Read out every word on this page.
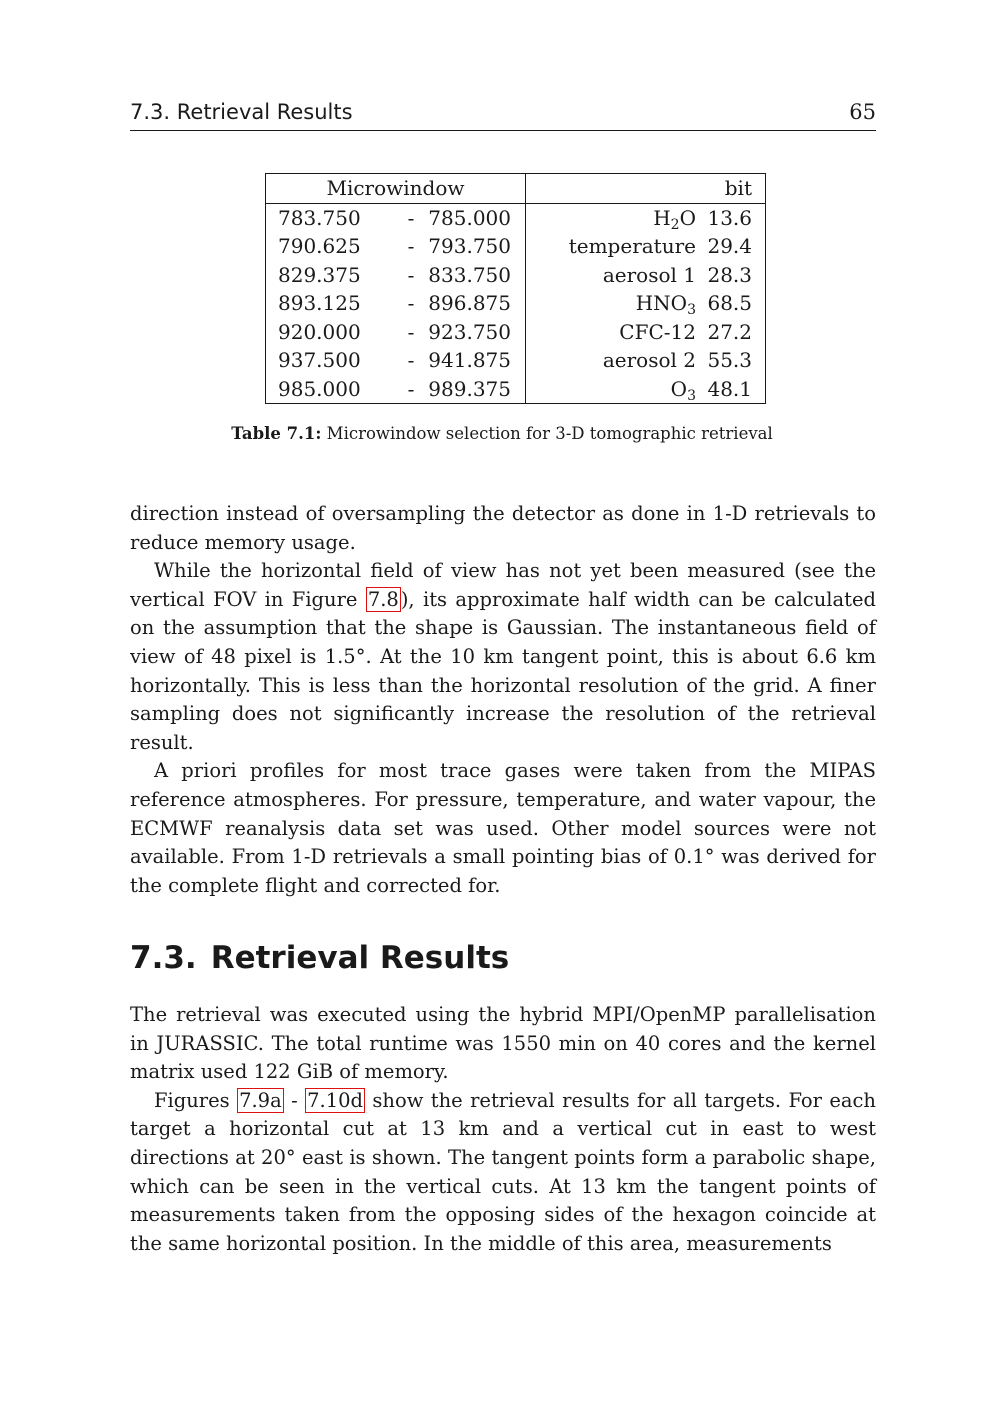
7.3. Retrieval Results	65
Microwindow				bit
783.750	-	785.000	$H_2O$	13.6
790.625	-	793.750	temperature	29.4
829.375	-	833.750	aerosol 1	28.3
893.125	-	896.875	$HNO_3$	68.5
920.000	-	923.750	CFC-12	27.2
937.500	-	941.875	aerosol 2	55.3
985.000	-	989.375	$O_3$	48.1
Table 7.1: Microwindow selection for 3-D tomographic retrieval

direction instead of oversampling the detector as done in 1-D retrievals to reduce memory usage.

While the horizontal field of view has not yet been measured (see the vertical FOV in Figure 7.8 ), its approximate half width can be calculated on the assumption that the shape is Gaussian. The instantaneous field of view of 48 pixel is 1.5°. At the 10 km tangent point, this is about 6.6 km horizontally. This is less than the horizontal resolution of the grid. A finer sampling does not significantly increase the resolution of the retrieval result.

A priori profiles for most trace gases were taken from the MIPAS reference atmospheres. For pressure, temperature, and water vapour, the ECMWF reanalysis data set was used. Other model sources were not available. From 1-D retrievals a small pointing bias of 0.1° was derived for the complete flight and corrected for.

7.3. Retrieval Results

The retrieval was executed using the hybrid MPI/OpenMP parallelisation in JURASSIC. The total runtime was 1550 min on 40 cores and the kernel matrix used 122 GiB of memory.

Figures 7.9a - 7.10d show the retrieval results for all targets. For each target a horizontal cut at 13 km and a vertical cut in east to west directions at 20° east is shown. The tangent points form a parabolic shape, which can be seen in the vertical cuts. At 13 km the tangent points of measurements taken from the opposing sides of the hexagon coincide at the same horizontal position. In the middle of this area, measurements
